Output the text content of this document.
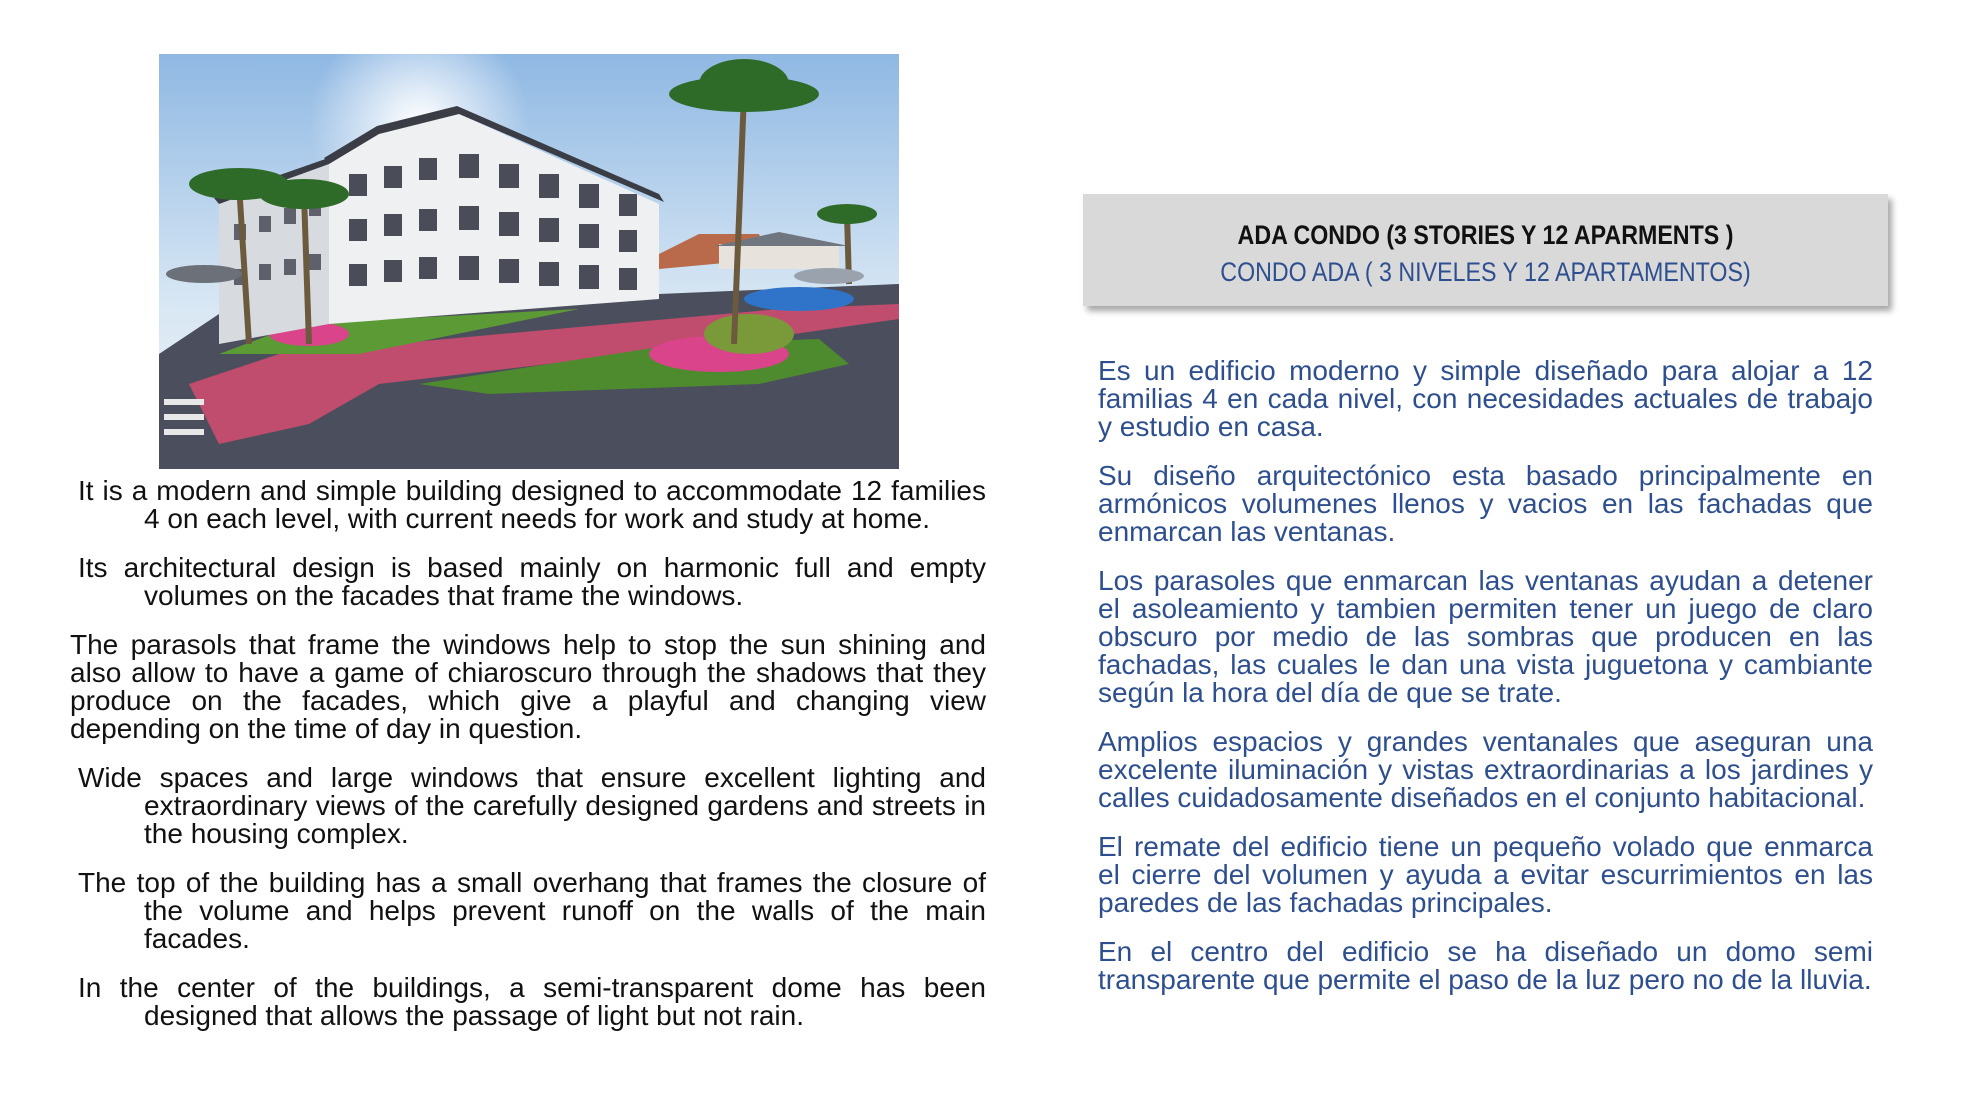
It is a modern and simple building designed to accommodate 12 families 4 on each level, with current needs for work and study at home.

Its architectural design is based mainly on harmonic full and empty volumes on the facades that frame the windows.

The parasols that frame the windows help to stop the sun shining and also allow to have a game of chiaroscuro through the shadows that they produce on the facades, which give a playful and changing view depending on the time of day in question.

Wide spaces and large windows that ensure excellent lighting and extraordinary views of the carefully designed gardens and streets in the housing complex.

The top of the building has a small overhang that frames the closure of the volume and helps prevent runoff on the walls of the main facades.

In the center of the buildings, a semi-transparent dome has been designed that allows the passage of light but not rain.

ADA CONDO (3 STORIES Y 12 APARMENTS )
CONDO ADA ( 3 NIVELES Y 12 APARTAMENTOS)

Es un edificio moderno y simple diseñado para alojar a 12 familias 4 en cada nivel, con necesidades actuales de trabajo y estudio en casa.

Su diseño arquitectónico esta basado principalmente en armónicos volumenes llenos y vacios en las fachadas que enmarcan las ventanas.

Los parasoles que enmarcan las ventanas ayudan a detener el asoleamiento y tambien permiten tener un juego de claro obscuro por medio de las sombras que producen en las fachadas, las cuales le dan una vista juguetona y cambiante según la hora del día de que se trate.

Amplios espacios y grandes ventanales que aseguran una excelente iluminación y vistas extraordinarias a los jardines y calles cuidadosamente diseñados en el conjunto habitacional.

El remate del edificio tiene un pequeño volado que enmarca el cierre del volumen y ayuda a evitar escurrimientos en las paredes de las fachadas principales.

En el centro del edificio se ha diseñado un domo semi transparente que permite el paso de la luz pero no de la lluvia.
